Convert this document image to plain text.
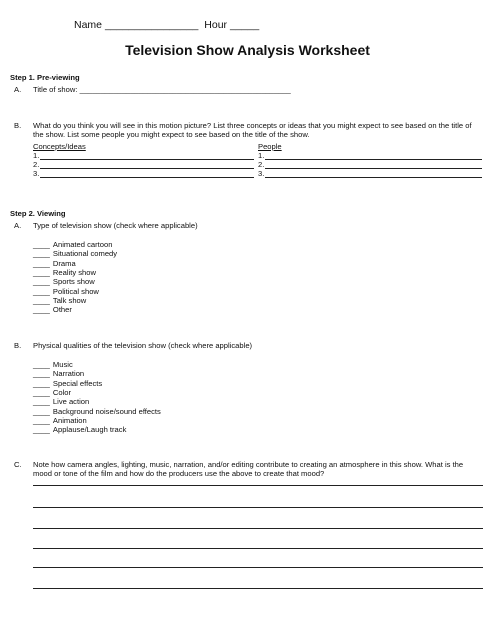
Name ________________ Hour _____
Television Show Analysis Worksheet
Step 1. Pre-viewing
A. Title of show: __________________________________________________
B. What do you think you will see in this motion picture? List three concepts or ideas that you might expect to see based on the title of the show. List some people you might expect to see based on the title of the show.
Concepts/Ideas	People
1.	1.
2.	2.
3.	3.
Step 2. Viewing
A. Type of television show (check where applicable)
____ Animated cartoon
____ Situational comedy
____ Drama
____ Reality show
____ Sports show
____ Political show
____ Talk show
____ Other
B. Physical qualities of the television show (check where applicable)
____ Music
____ Narration
____ Special effects
____ Color
____ Live action
____ Background noise/sound effects
____ Animation
____ Applause/Laugh track
C. Note how camera angles, lighting, music, narration, and/or editing contribute to creating an atmosphere in this show. What is the mood or tone of the film and how do the producers use the above to create that mood?
